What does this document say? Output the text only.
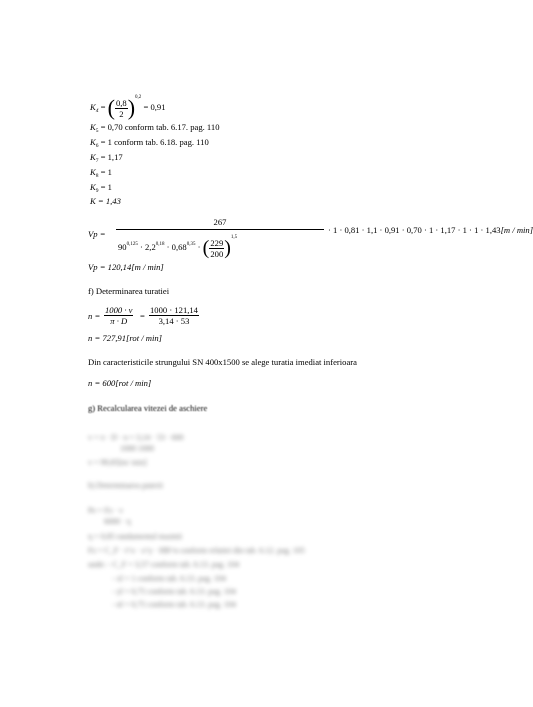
$K_4$ = ( $\frac{0,8}{2} )^{0,2} = 0,91$
$K_5 = 0,70$ conform tab. 6.17. pag. 110
$K_6 = 1$ conform tab. 6.18. pag. 110
$K_7 = 1,17$
$K_8 = 1$
$K_9 = 1$
K = 1,43
Vp =
267
$90^{0,125} \cdot 2,2^{0,18} \cdot 0,68^{0,35}$ · ( $\frac{229}{200} )^{1,5}$
· 1 · 0,81 · 1,1 · 0,91 · 0,70 · 1 · 1,17 · 1 · 1 · 1,43[m / min]
Vp = 120,14[m / min]
f) Determinarea turatiei
$n = \frac{1000 \cdot v}{\pi \cdot D} = \frac{1000 \cdot 121,14}{3,14 \cdot 53}$
n = 727,91[rot / min]
Din caracteristicile strungului SN 400x1500 se alege turatia imediat inferioara
n = 600[rot / min]
g) Recalcularea vitezei de aschiere
v = π · D · n = 3,14 · 53 · 600
1000 1000
v = 99,85[m/ min]
h) Determinarea puterii
Pe = Fz · v
6000 · η
η = 0,85 randamentul masinii
Fz = C_F · t^x · s^y · HB^n conform relatiei din tab. 6.12. pag. 105
unde: - C_F = 3,57 conform tab. 6.13. pag. 104
- xl = 1 conform tab. 6.13. pag. 104
- yl = 0,75 conform tab. 6.13. pag. 104
- nl = 0,75 conform tab. 6.13. pag. 104
